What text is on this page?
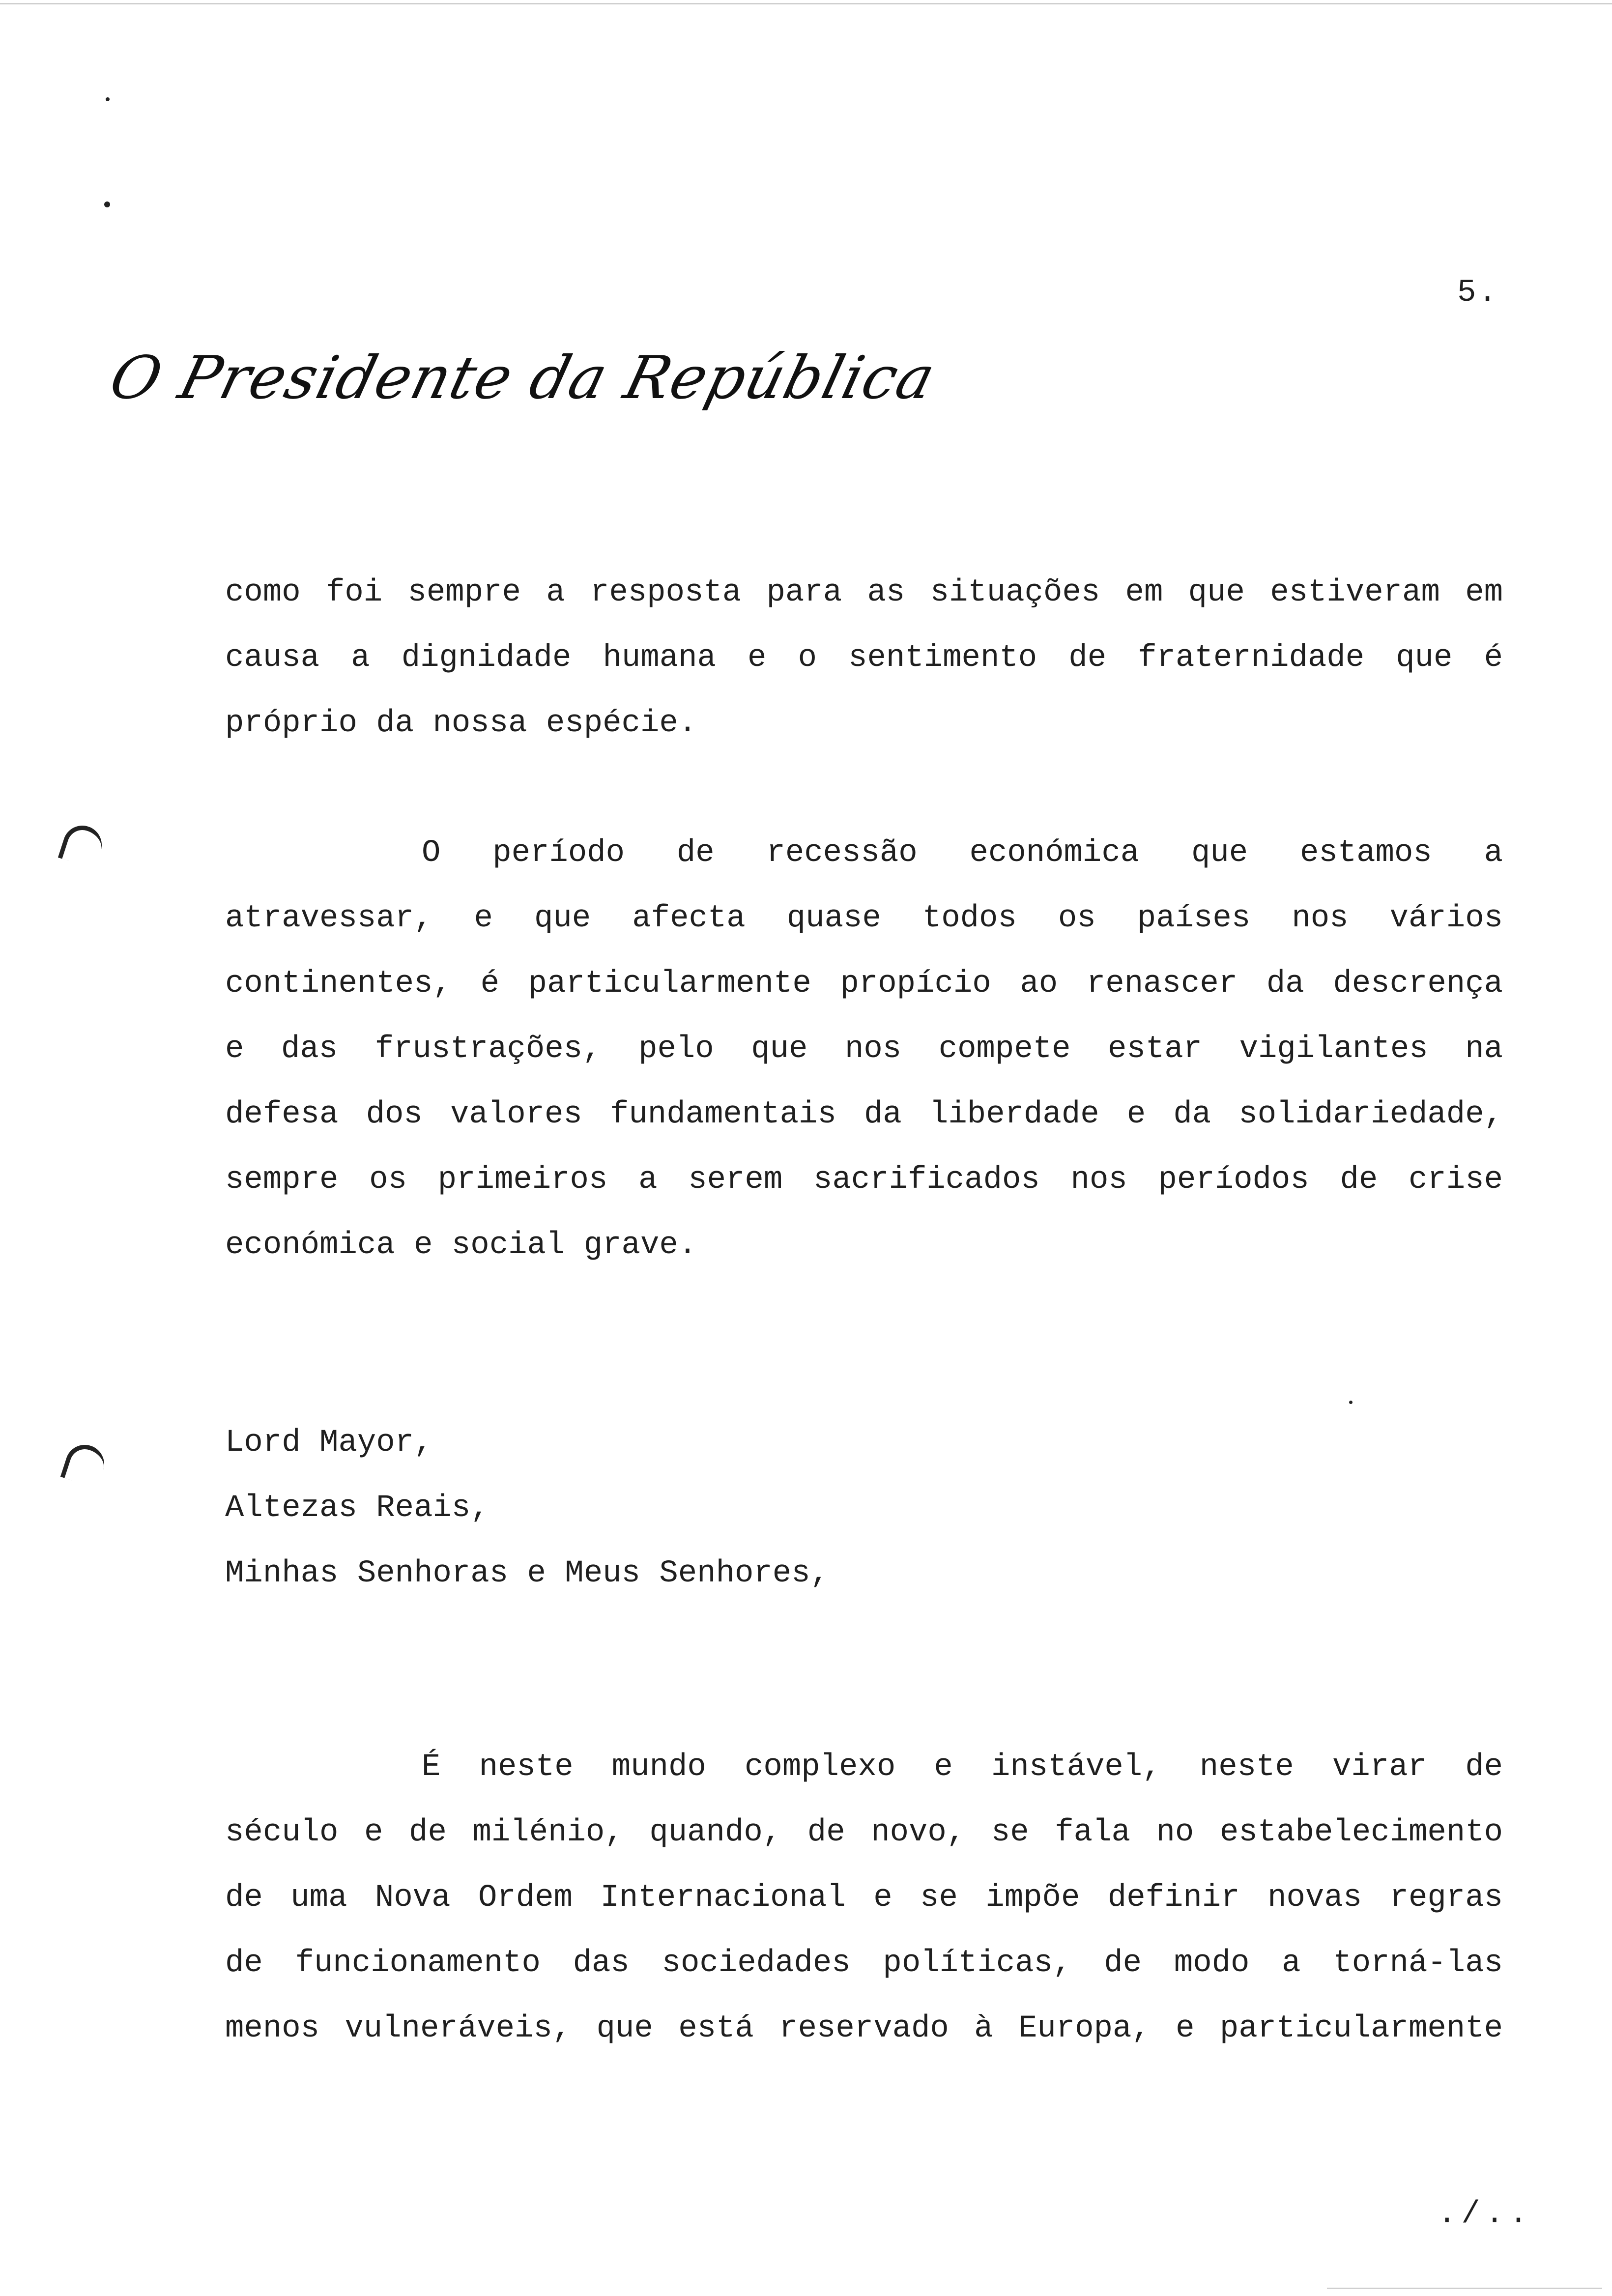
5.
O Presidente da República
como foi sempre a resposta para as situações em que estiveram em
causa a dignidade humana e o sentimento de fraternidade que é
próprio da nossa espécie.
O período de recessão económica que estamos a
atravessar, e que afecta quase todos os países nos vários
continentes, é particularmente propício ao renascer da descrença
e das frustrações, pelo que nos compete estar vigilantes na
defesa dos valores fundamentais da liberdade e da solidariedade,
sempre os primeiros a serem sacrificados nos períodos de crise
económica e social grave.
Lord Mayor,
Altezas Reais,
Minhas Senhoras e Meus Senhores,
É neste mundo complexo e instável, neste virar de
século e de milénio, quando, de novo, se fala no estabelecimento
de uma Nova Ordem Internacional e se impõe definir novas regras
de funcionamento das sociedades políticas, de modo a torná-las
menos vulneráveis, que está reservado à Europa, e particularmente
./..
